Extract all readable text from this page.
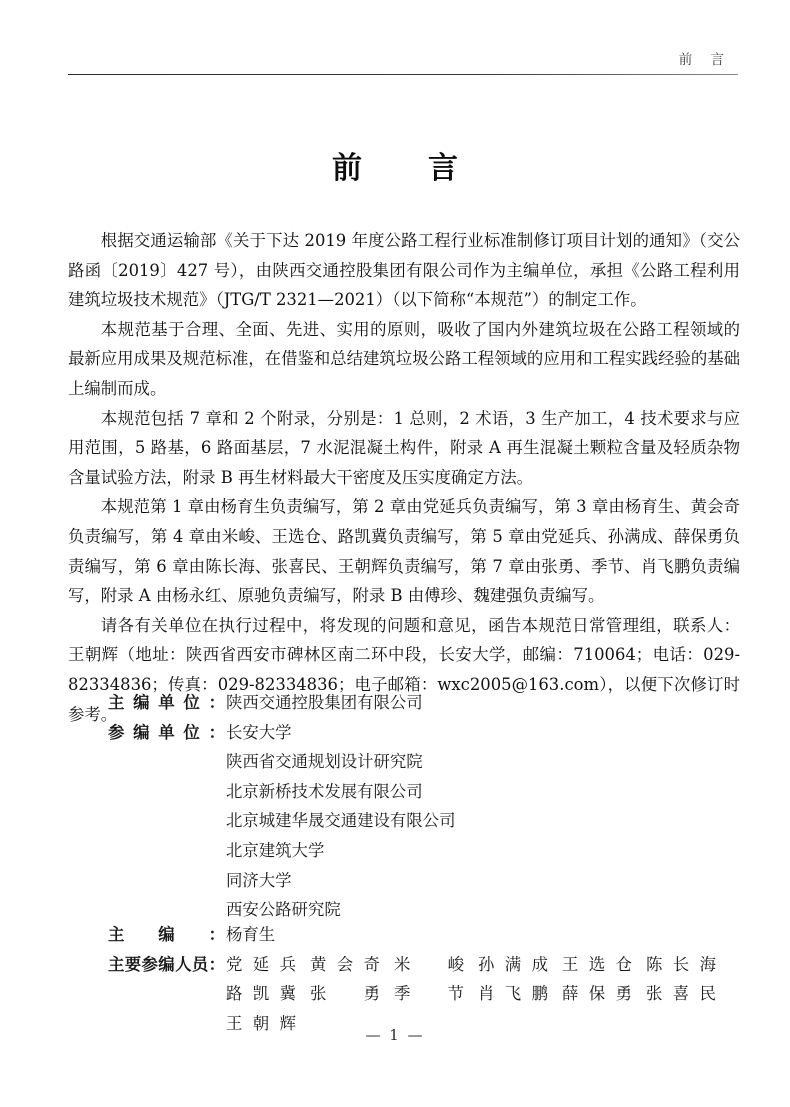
前 言
前　言

根据交通运输部《关于下达 2019 年度公路工程行业标准制修订项目计划的通知》（交公路函〔2019〕427 号），由陕西交通控股集团有限公司作为主编单位，承担《公路工程利用建筑垃圾技术规范》（JTG/T 2321—2021）（以下简称“本规范”）的制定工作。

本规范基于合理、全面、先进、实用的原则，吸收了国内外建筑垃圾在公路工程领域的最新应用成果及规范标准，在借鉴和总结建筑垃圾公路工程领域的应用和工程实践经验的基础上编制而成。

本规范包括 7 章和 2 个附录，分别是：1 总则，2 术语，3 生产加工，4 技术要求与应用范围，5 路基，6 路面基层，7 水泥混凝土构件，附录 A 再生混凝土颗粒含量及轻质杂物含量试验方法，附录 B 再生材料最大干密度及压实度确定方法。

本规范第 1 章由杨育生负责编写，第 2 章由党延兵负责编写，第 3 章由杨育生、黄会奇负责编写，第 4 章由米峻、王选仓、路凯冀负责编写，第 5 章由党延兵、孙满成、薛保勇负责编写，第 6 章由陈长海、张喜民、王朝辉负责编写，第 7 章由张勇、季节、肖飞鹏负责编写，附录 A 由杨永红、原驰负责编写，附录 B 由傅珍、魏建强负责编写。

请各有关单位在执行过程中，将发现的问题和意见，函告本规范日常管理组，联系人：王朝辉（地址：陕西省西安市碑林区南二环中段，长安大学，邮编：710064；电话：029-82334836；传真：029-82334836；电子邮箱：wxc2005@163.com），以便下次修订时参考。

主 编 单 位 ： 陕西交通控股集团有限公司
参 编 单 位 ： 长安大学
陕西省交通规划设计研究院
北京新桥技术发展有限公司
北京城建华晟交通建设有限公司
北京建筑大学
同济大学
西安公路研究院
主 编 ： 杨育生
主 要 参 编 人 员 ： 党 延 兵 黄 会 奇 米 峻 孙 满 成 王 选 仓 陈 长 海
路 凯 冀 张 勇 季 节 肖 飞 鹏 薛 保 勇 张 喜 民
王 朝 辉
— 1 —
